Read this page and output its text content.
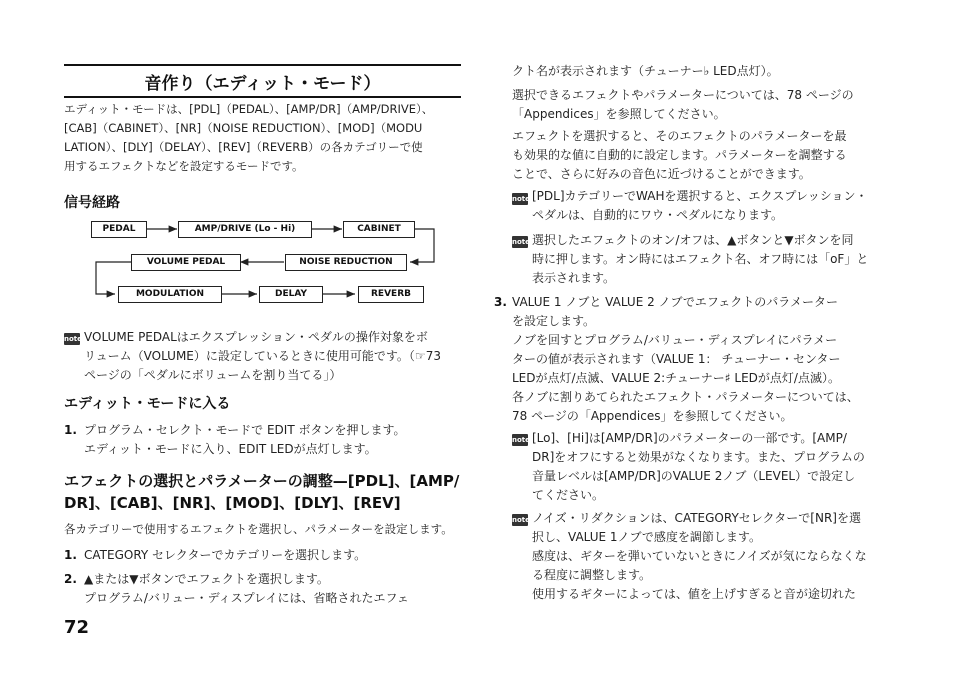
音作り（エディット・モード）
エディット・モードは、[PDL]（PEDAL）、[AMP/DR]（AMP/DRIVE）、
[CAB]（CABINET）、[NR]（NOISE REDUCTION）、[MOD]（MODU
LATION）、[DLY]（DELAY）、[REV]（REVERB）の各カテゴリーで使
用するエフェクトなどを設定するモードです。
信号経路
PEDAL	AMP/DRIVE (Lo - Hi)	CABINET
VOLUME PEDAL	NOISE REDUCTION
MODULATION	DELAY	REVERB
note VOLUME PEDALはエクスプレッション・ペダルの操作対象をボ
リューム（VOLUME）に設定しているときに使用可能です。（☞73
ページの「ペダルにボリュームを割り当てる」）
エディット・モードに入る
1. プログラム・セレクト・モードで EDIT ボタンを押します。
エディット・モードに入り、EDIT LEDが点灯します。
エフェクトの選択とパラメーターの調整—[PDL]、[AMP/
DR]、[CAB]、[NR]、[MOD]、[DLY]、[REV]
各カテゴリーで使用するエフェクトを選択し、パラメーターを設定します。
1. CATEGORY セレクターでカテゴリーを選択します。
2. ▲または▼ボタンでエフェクトを選択します。
プログラム/バリュー・ディスプレイには、省略されたエフェ
72
クト名が表示されます（チューナー♭ LED点灯）。
選択できるエフェクトやパラメーターについては、78 ページの
「Appendices」を参照してください。
エフェクトを選択すると、そのエフェクトのパラメーターを最
も効果的な値に自動的に設定します。パラメーターを調整する
ことで、さらに好みの音色に近づけることができます。
note [PDL]カテゴリーでWAHを選択すると、エクスプレッション・
ペダルは、自動的にワウ・ペダルになります。
note 選択したエフェクトのオン/オフは、▲ボタンと▼ボタンを同
時に押します。オン時にはエフェクト名、オフ時には「oF」と
表示されます。
3. VALUE 1 ノブと VALUE 2 ノブでエフェクトのパラメーター
を設定します。
ノブを回すとプログラム/バリュー・ディスプレイにパラメー
ターの値が表示されます（VALUE 1： チューナー・センター
LEDが点灯/点滅、VALUE 2:チューナー♯ LEDが点灯/点滅）。
各ノブに割りあてられたエフェクト・パラメーターについては、
78 ページの「Appendices」を参照してください。
note [Lo]、[Hi]は[AMP/DR]のパラメーターの一部です。[AMP/
DR]をオフにすると効果がなくなります。また、プログラムの
音量レベルは[AMP/DR]のVALUE 2ノブ（LEVEL）で設定し
てください。
note ノイズ・リダクションは、CATEGORYセレクターで[NR]を選
択し、VALUE 1ノブで感度を調節します。
感度は、ギターを弾いていないときにノイズが気にならなくな
る程度に調整します。
使用するギターによっては、値を上げすぎると音が途切れた
